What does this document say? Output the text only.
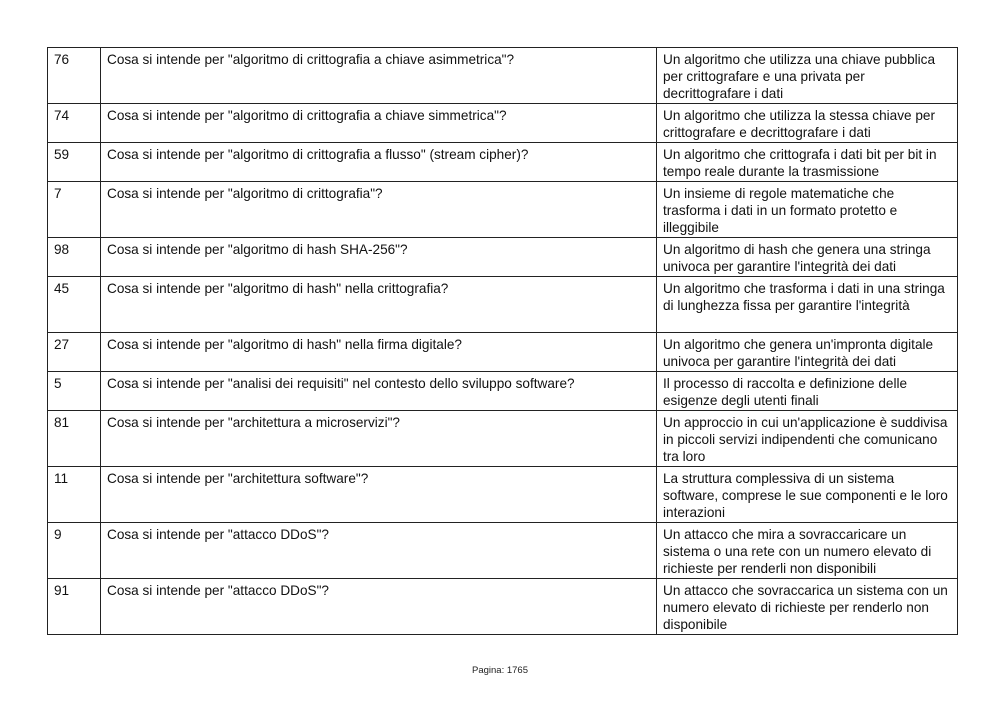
76	Cosa si intende per "algoritmo di crittografia a chiave asimmetrica"?	Un algoritmo che utilizza una chiave pubblica per crittografare e una privata per decrittografare i dati
74	Cosa si intende per "algoritmo di crittografia a chiave simmetrica"?	Un algoritmo che utilizza la stessa chiave per crittografare e decrittografare i dati
59	Cosa si intende per "algoritmo di crittografia a flusso" (stream cipher)?	Un algoritmo che crittografa i dati bit per bit in tempo reale durante la trasmissione
7	Cosa si intende per "algoritmo di crittografia"?	Un insieme di regole matematiche che trasforma i dati in un formato protetto e illeggibile
98	Cosa si intende per "algoritmo di hash SHA-256"?	Un algoritmo di hash che genera una stringa univoca per garantire l'integrità dei dati
45	Cosa si intende per "algoritmo di hash" nella crittografia?	Un algoritmo che trasforma i dati in una stringa di lunghezza fissa per garantire l'integrità
27	Cosa si intende per "algoritmo di hash" nella firma digitale?	Un algoritmo che genera un'impronta digitale univoca per garantire l'integrità dei dati
5	Cosa si intende per "analisi dei requisiti" nel contesto dello sviluppo software?	Il processo di raccolta e definizione delle esigenze degli utenti finali
81	Cosa si intende per "architettura a microservizi"?	Un approccio in cui un'applicazione è suddivisa in piccoli servizi indipendenti che comunicano tra loro
11	Cosa si intende per "architettura software"?	La struttura complessiva di un sistema software, comprese le sue componenti e le loro interazioni
9	Cosa si intende per "attacco DDoS"?	Un attacco che mira a sovraccaricare un sistema o una rete con un numero elevato di richieste per renderli non disponibili
91	Cosa si intende per "attacco DDoS"?	Un attacco che sovraccarica un sistema con un numero elevato di richieste per renderlo non disponibile
Pagina: 1765
